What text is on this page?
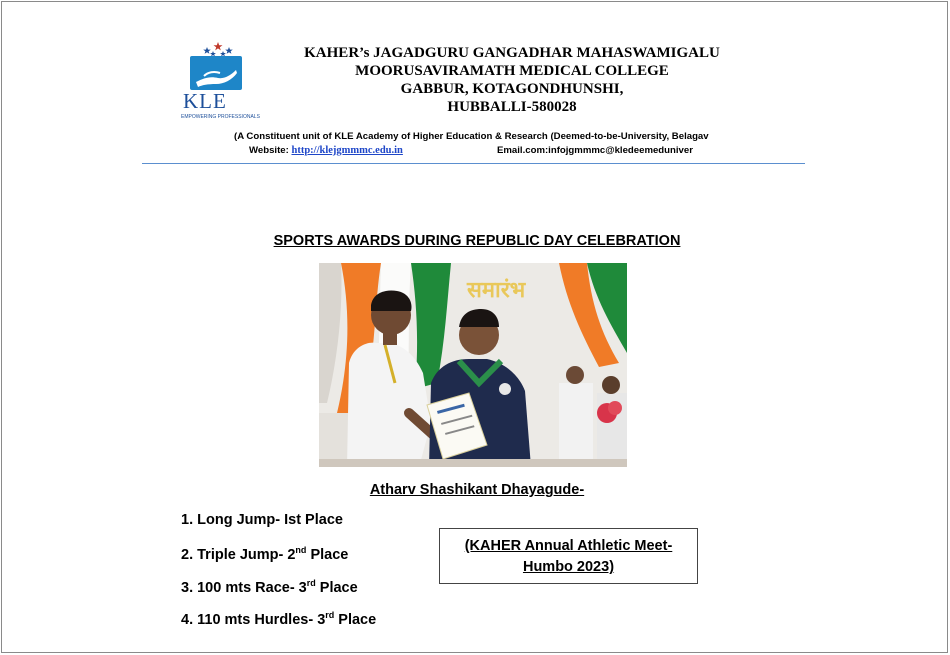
KLE
EMPOWERING PROFESSIONALS
KAHER’s JAGADGURU GANGADHAR MAHASWAMIGALU
MOORUSAVIRAMATH MEDICAL COLLEGE
GABBUR, KOTAGONDHUNSHI,
HUBBALLI-580028
(A Constituent unit of KLE Academy of Higher Education & Research (Deemed-to-be-University, Belagav
Website: http://klejgmmmc.edu.in	Email.com:infojgmmmc@kledeemeduniver
SPORTS AWARDS DURING REPUBLIC DAY CELEBRATION
समारंभ
Atharv Shashikant Dhayagude-
1. Long Jump- Ist Place
2. Triple Jump- 2nd Place
3. 100 mts Race- 3rd Place
4. 110 mts Hurdles- 3rd Place
(KAHER Annual Athletic Meet-
Humbo 2023)
